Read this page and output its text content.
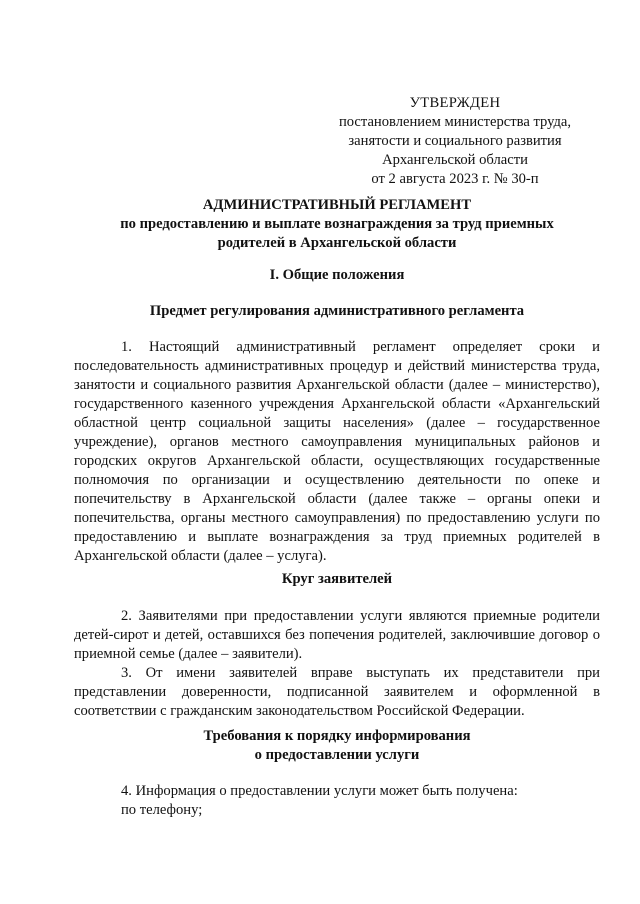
УТВЕРЖДЕН
постановлением министерства труда,
занятости и социального развития
Архангельской области
от 2 августа 2023 г. № 30-п
АДМИНИСТРАТИВНЫЙ РЕГЛАМЕНТ
по предоставлению и выплате вознаграждения за труд приемных
родителей в Архангельской области
I. Общие положения
Предмет регулирования административного регламента

1. Настоящий административный регламент определяет сроки и последовательность административных процедур и действий министерства труда, занятости и социального развития Архангельской области (далее – министерство), государственного казенного учреждения Архангельской области «Архангельский областной центр социальной защиты населения» (далее – государственное учреждение), органов местного самоуправления муниципальных районов и городских округов Архангельской области, осуществляющих государственные полномочия по организации и осуществлению деятельности по опеке и попечительству в Архангельской области (далее также – органы опеки и попечительства, органы местного самоуправления) по предоставлению услуги по предоставлению и выплате вознаграждения за труд приемных родителей в Архангельской области (далее – услуга).

Круг заявителей

2. Заявителями при предоставлении услуги являются приемные родители детей-сирот и детей, оставшихся без попечения родителей, заключившие договор о приемной семье (далее – заявители).

3. От имени заявителей вправе выступать их представители при представлении доверенности, подписанной заявителем и оформленной в соответствии с гражданским законодательством Российской Федерации.

Требования к порядку информирования
о предоставлении услуги

4. Информация о предоставлении услуги может быть получена:

по телефону;
